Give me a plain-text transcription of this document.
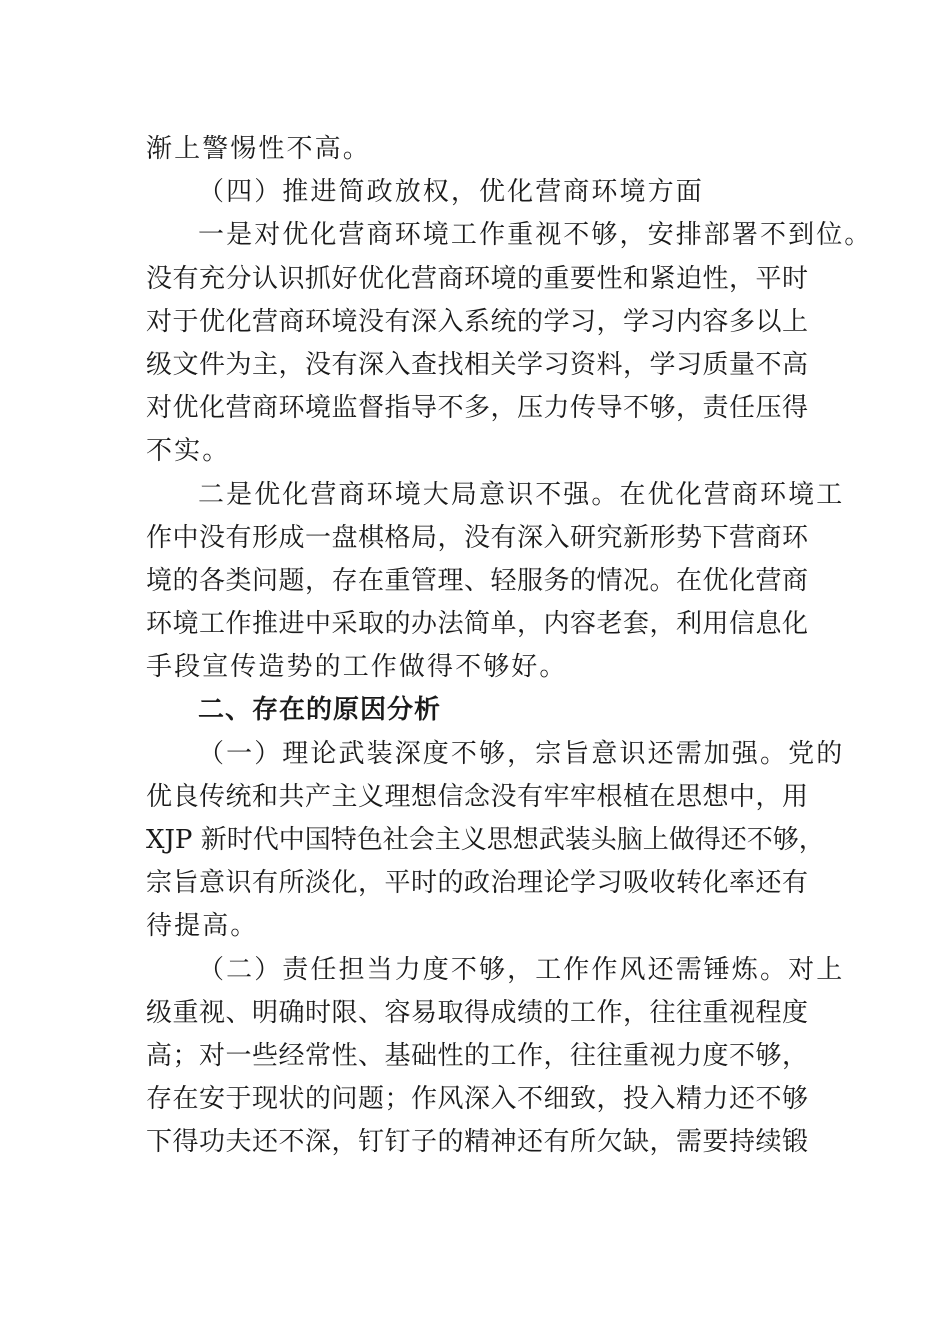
渐上警惕性不高。
（四）推进简政放权，优化营商环境方面
一是对优化营商环境工作重视不够，安排部署不到位。
没有充分认识抓好优化营商环境的重要性和紧迫性，平时
对于优化营商环境没有深入系统的学习，学习内容多以上
级文件为主，没有深入查找相关学习资料，学习质量不高
对优化营商环境监督指导不多，压力传导不够，责任压得
不实。
二是优化营商环境大局意识不强。在优化营商环境工
作中没有形成一盘棋格局，没有深入研究新形势下营商环
境的各类问题，存在重管理、轻服务的情况。在优化营商
环境工作推进中采取的办法简单，内容老套，利用信息化
手段宣传造势的工作做得不够好。
二、存在的原因分析
（一）理论武装深度不够，宗旨意识还需加强。党的
优良传统和共产主义理想信念没有牢牢根植在思想中，用
XJP 新时代中国特色社会主义思想武装头脑上做得还不够，
宗旨意识有所淡化，平时的政治理论学习吸收转化率还有
待提高。
（二）责任担当力度不够，工作作风还需锤炼。对上
级重视、明确时限、容易取得成绩的工作，往往重视程度
高；对一些经常性、基础性的工作，往往重视力度不够，
存在安于现状的问题；作风深入不细致，投入精力还不够
下得功夫还不深，钉钉子的精神还有所欠缺，需要持续锻
